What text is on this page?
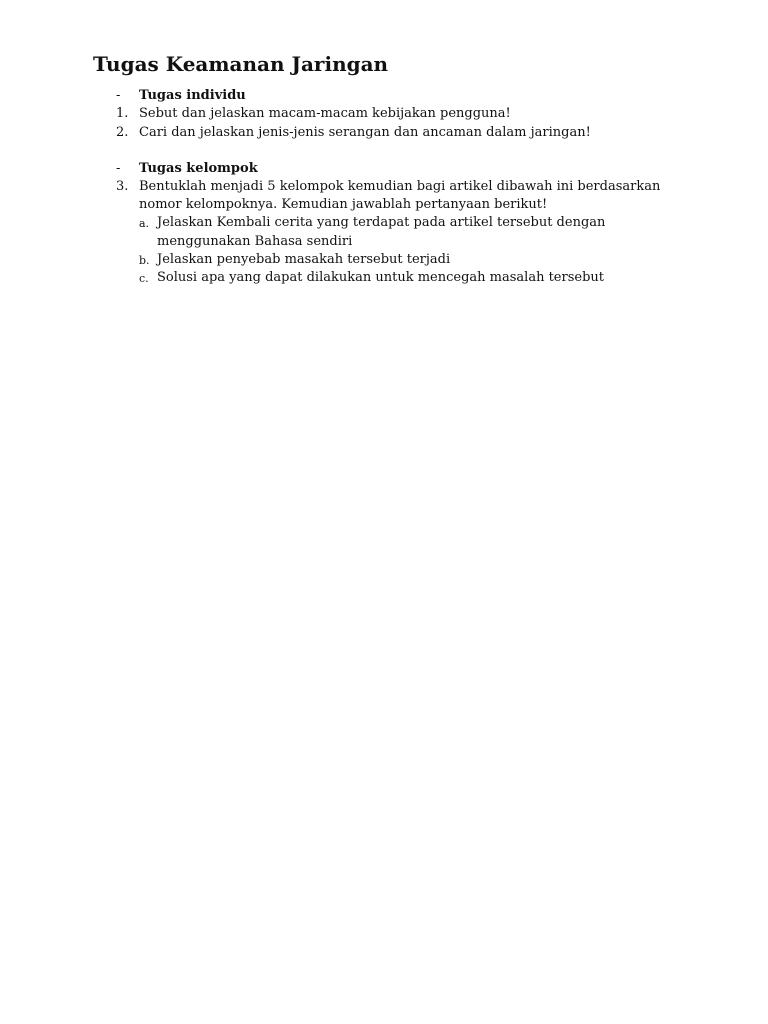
Tugas Keamanan Jaringan
- Tugas individu
1. Sebut dan jelaskan macam-macam kebijakan pengguna!
2. Cari dan jelaskan jenis-jenis serangan dan ancaman dalam jaringan!
- Tugas kelompok
3. Bentuklah menjadi 5 kelompok kemudian bagi artikel dibawah ini berdasarkan
nomor kelompoknya. Kemudian jawablah pertanyaan berikut!
a. Jelaskan Kembali cerita yang terdapat pada artikel tersebut dengan
menggunakan Bahasa sendiri
b. Jelaskan penyebab masakah tersebut terjadi
c. Solusi apa yang dapat dilakukan untuk mencegah masalah tersebut
